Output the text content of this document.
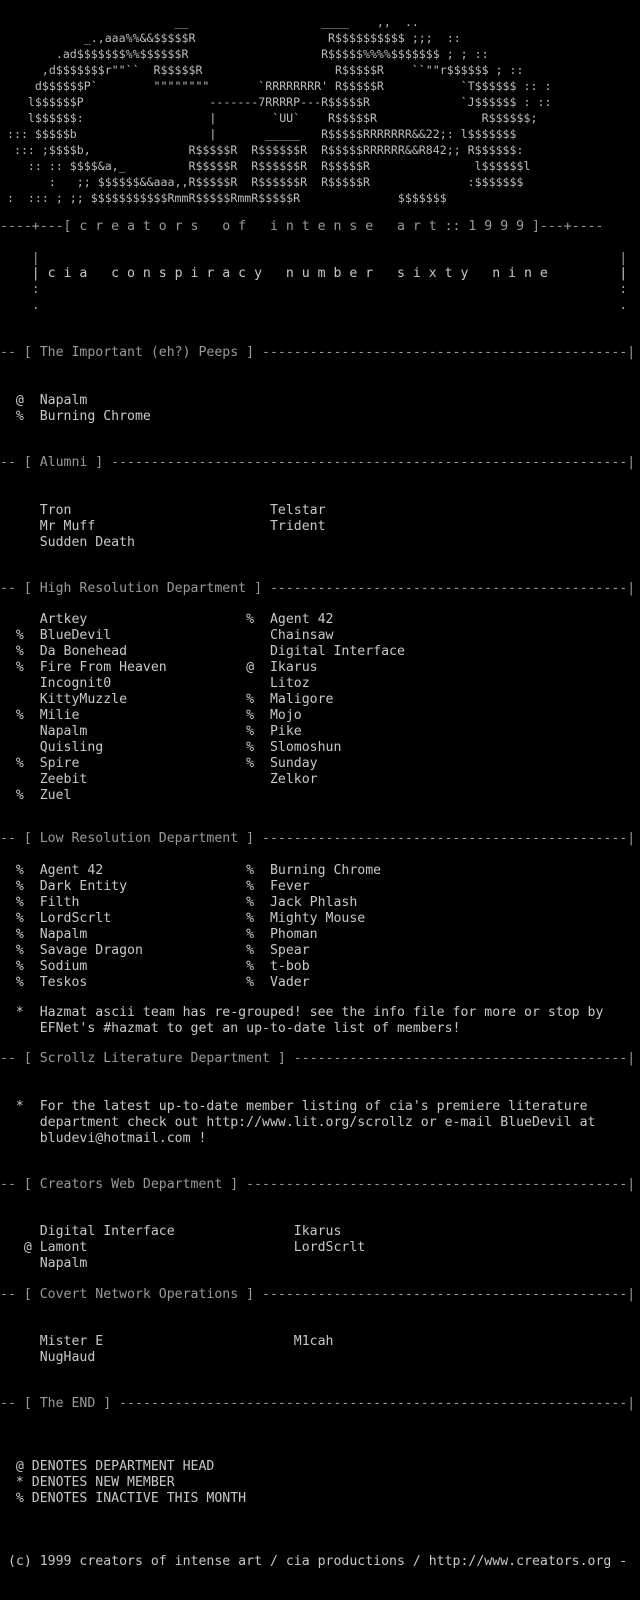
__                   ____    ,,  ..
_.,aaa%%&&$$$$$R                   R$$$$$$$$$$ ;;;  ::
.ad$$$$$$$%%$$$$$$R                   R$$$$$%%%%$$$$$$$ ; ; ::
,d$$$$$$$r""``  R$$$$$R                   R$$$$$R    ``""r$$$$$$ ; ::
d$$$$$$P`        """"""""       `RRRRRRRR' R$$$$$R           `T$$$$$$ :: :
l$$$$$$P                  -------7RRRRP---R$$$$$R             `J$$$$$$ : ::
l$$$$$$:                  |        `UU`    R$$$$$R               R$$$$$$;
::: $$$$$b                   |       _____   R$$$$$RRRRRRR&&22;: l$$$$$$$
::: ;$$$$b,              R$$$$$R  R$$$$$$R  R$$$$$RRRRRR&&R842;; R$$$$$$:
:: :: $$$$&a,_         R$$$$$R  R$$$$$$R  R$$$$$R               l$$$$$$l
:   ;; $$$$$$&&aaa,,R$$$$$R  R$$$$$$R  R$$$$$R              :$$$$$$$
:  ::: ; ;; $$$$$$$$$$$RmmR$$$$$RmmR$$$$$R              $$$$$$$
----+---[ c r e a t o r s   o f   i n t e n s e   a r t :: 1 9 9 9 ]---+----
|                                                                         |
| c i a   c o n s p i r a c y   n u m b e r   s i x t y   n i n e         |
:                                                                         :
.                                                                         .
-- [ The Important (eh?) Peeps ] ----------------------------------------------|
@  Napalm
%  Burning Chrome
-- [ Alumni ] -----------------------------------------------------------------|
Tron                         Telstar
Mr Muff                      Trident
Sudden Death
-- [ High Resolution Department ] ---------------------------------------------|
Artkey                    %  Agent 42
%  BlueDevil                    Chainsaw
%  Da Bonehead                  Digital Interface
%  Fire From Heaven          @  Ikarus
Incognit0                    Litoz
KittyMuzzle               %  Maligore
%  Milie                     %  Mojo
Napalm                    %  Pike
Quisling                  %  Slomoshun
%  Spire                     %  Sunday
Zeebit                       Zelkor
%  Zuel
-- [ Low Resolution Department ] ----------------------------------------------|
%  Agent 42                  %  Burning Chrome
%  Dark Entity               %  Fever
%  Filth                     %  Jack Phlash
%  LordScrlt                 %  Mighty Mouse
%  Napalm                    %  Phoman
%  Savage Dragon             %  Spear
%  Sodium                    %  t-bob
%  Teskos                    %  Vader
*  Hazmat ascii team has re-grouped! see the info file for more or stop by
EFNet's #hazmat to get an up-to-date list of members!
-- [ Scrollz Literature Department ] ------------------------------------------|
*  For the latest up-to-date member listing of cia's premiere literature
department check out http://www.lit.org/scrollz or e-mail BlueDevil at
bludevi@hotmail.com !
-- [ Creators Web Department ] ------------------------------------------------|
Digital Interface               Ikarus
@ Lamont                          LordScrlt
Napalm
-- [ Covert Network Operations ] ----------------------------------------------|
Mister E                        M1cah
NugHaud
-- [ The END ] ----------------------------------------------------------------|
@ DENOTES DEPARTMENT HEAD
* DENOTES NEW MEMBER
% DENOTES INACTIVE THIS MONTH
(c) 1999 creators of intense art / cia productions / http://www.creators.org -
